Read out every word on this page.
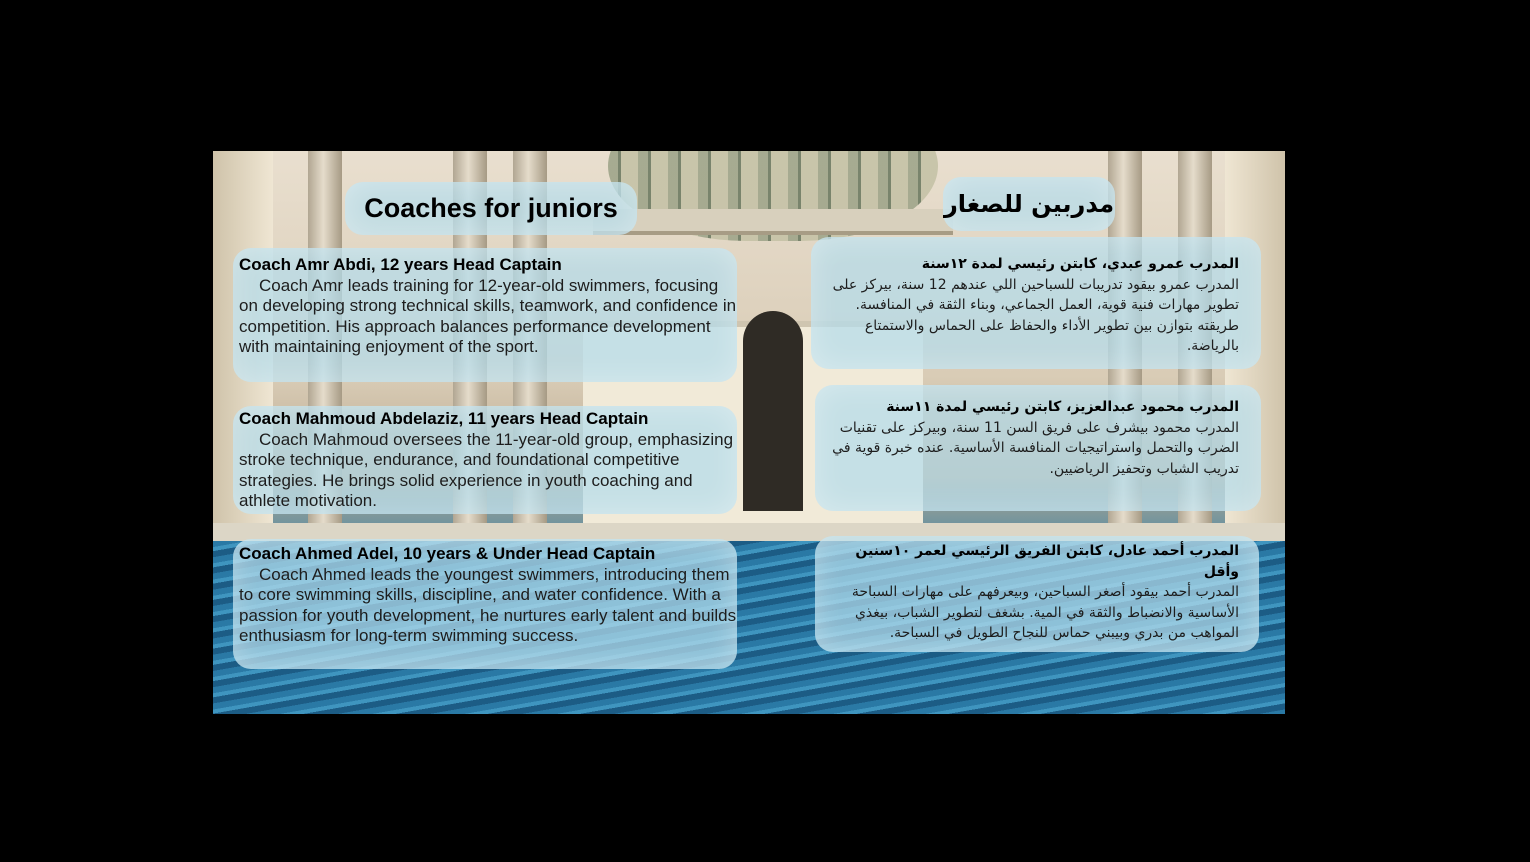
Coaches for juniors	مدربين للصغار
Coach Amr Abdi, 12 years Head Captain
Coach Amr leads training for 12-year-old swimmers, focusing on developing strong technical skills, teamwork, and confidence in competition. His approach balances performance development with maintaining enjoyment of the sport.
Coach Mahmoud Abdelaziz, 11 years Head Captain
Coach Mahmoud oversees the 11-year-old group, emphasizing stroke technique, endurance, and foundational competitive strategies. He brings solid experience in youth coaching and athlete motivation.
Coach Ahmed Adel, 10 years & Under Head Captain
Coach Ahmed leads the youngest swimmers, introducing them to core swimming skills, discipline, and water confidence. With a passion for youth development, he nurtures early talent and builds enthusiasm for long-term swimming success.
المدرب عمرو عبدي، كابتن رئيسي لمدة ١٢سنة
المدرب عمرو بيقود تدريبات للسباحين اللي عندهم 12 سنة، بيركز على تطوير مهارات فنية قوية، العمل الجماعي، وبناء الثقة في المنافسة. طريقته بتوازن بين تطوير الأداء والحفاظ على الحماس والاستمتاع بالرياضة.
المدرب محمود عبدالعزيز، كابتن رئيسي لمدة ١١سنة
المدرب محمود بيشرف على فريق السن 11 سنة، وبيركز على تقنيات الضرب والتحمل واستراتيجيات المنافسة الأساسية. عنده خبرة قوية في تدريب الشباب وتحفيز الرياضيين.
المدرب أحمد عادل، كابتن الفريق الرئيسي لعمر ١٠سنين وأقل
المدرب أحمد بيقود أصغر السباحين، وبيعرفهم على مهارات السباحة الأساسية والانضباط والثقة في المية. بشغف لتطوير الشباب، بيغذي المواهب من بدري وبيبني حماس للنجاح الطويل في السباحة.
